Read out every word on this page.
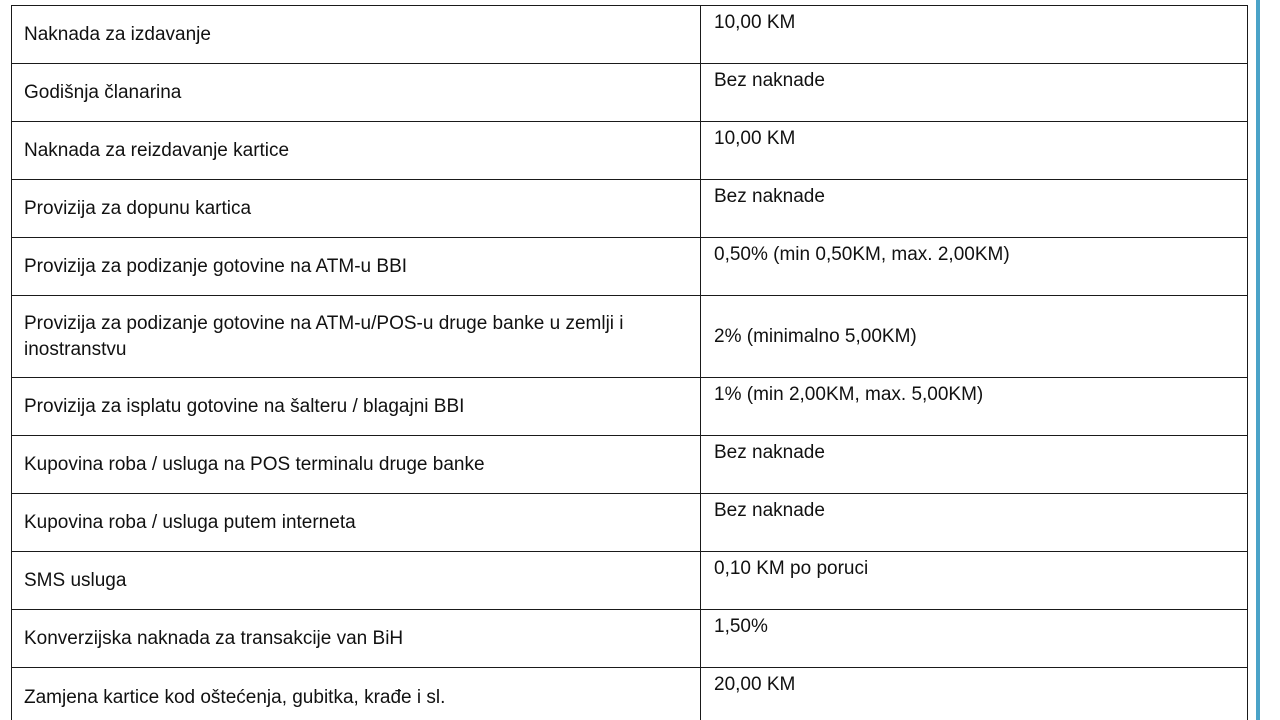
Naknada za izdavanje	10,00 KM
Godišnja članarina	Bez naknade
Naknada za reizdavanje kartice	10,00 KM
Provizija za dopunu kartica	Bez naknade
Provizija za podizanje gotovine na ATM-u BBI	0,50% (min 0,50KM, max. 2,00KM)
Provizija za podizanje gotovine na ATM-u/POS-u druge banke u zemlji i inostranstvu	2% (minimalno 5,00KM)
Provizija za isplatu gotovine na šalteru / blagajni BBI	1% (min 2,00KM, max. 5,00KM)
Kupovina roba / usluga na POS terminalu druge banke	Bez naknade
Kupovina roba / usluga putem interneta	Bez naknade
SMS usluga	0,10 KM po poruci
Konverzijska naknada za transakcije van BiH	1,50%
Zamjena kartice kod oštećenja, gubitka, krađe i sl.	20,00 KM
